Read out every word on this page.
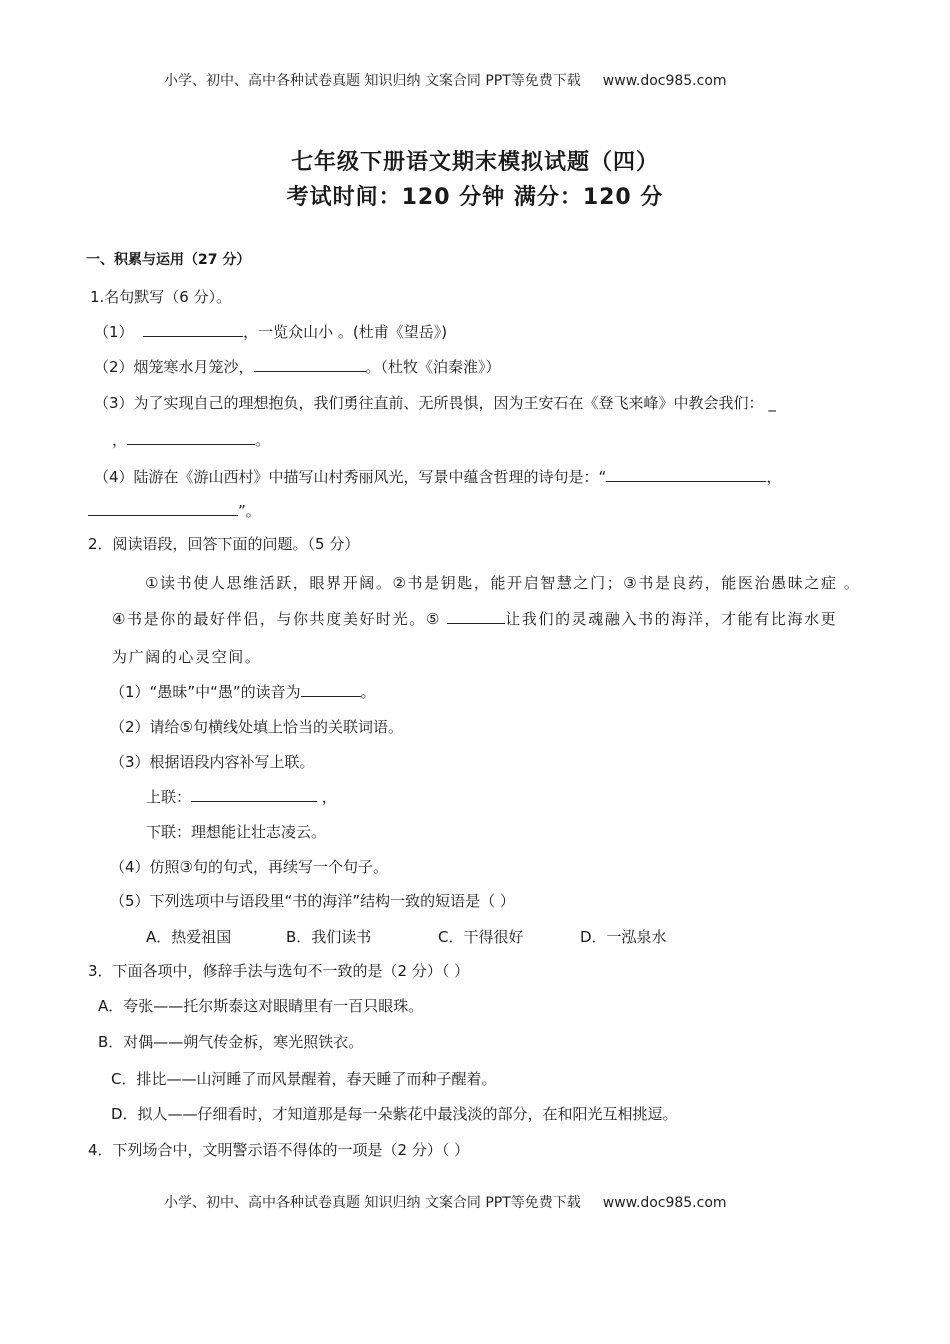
小学、初中、高中各种试卷真题 知识归纳 文案合同 PPT等免费下载 www.doc985.com
七年级下册语文期末模拟试题（四）
考试时间：120 分钟 满分：120 分
一、积累与运用（27 分）
1.名句默写（6 分）。
（1）	，一览众山小 。(杜甫《望岳》)
（2）烟笼寒水月笼沙，	。（杜牧《泊秦淮》）
（3）为了实现自己的理想抱负，我们勇往直前、无所畏惧，因为王安石在《登飞来峰》中教会我们： _
，	。
（4）陆游在《游山西村》中描写山村秀丽风光，写景中蕴含哲理的诗句是：“	，
”。
2．阅读语段，回答下面的问题。（5 分）
①读书使人思维活跃，眼界开阔。②书是钥匙，能开启智慧之门；③书是良药，能医治愚昧之症 。
④书是你的最好伴侣，与你共度美好时光。⑤	让我们的灵魂融入书的海洋，才能有比海水更
为广阔的心灵空间。
（1）“愚昧”中“愚”的读音为	。
（2）请给⑤句横线处填上恰当的关联词语。
（3）根据语段内容补写上联。
上联：	，
下联：理想能让壮志凌云。
（4）仿照③句的句式，再续写一个句子。
（5）下列选项中与语段里“书的海洋”结构一致的短语是（ ）
A．热爱祖国	B．我们读书	C．干得很好	D．一泓泉水
3．下面各项中，修辞手法与选句不一致的是（2 分）（ ）
A．夸张——托尔斯泰这对眼睛里有一百只眼珠。
B．对偶——朔气传金柝，寒光照铁衣。
C．排比——山河睡了而风景醒着，春天睡了而种子醒着。
D．拟人——仔细看时，才知道那是每一朵紫花中最浅淡的部分，在和阳光互相挑逗。
4．下列场合中，文明警示语不得体的一项是（2 分）（ ）
小学、初中、高中各种试卷真题 知识归纳 文案合同 PPT等免费下载 www.doc985.com
